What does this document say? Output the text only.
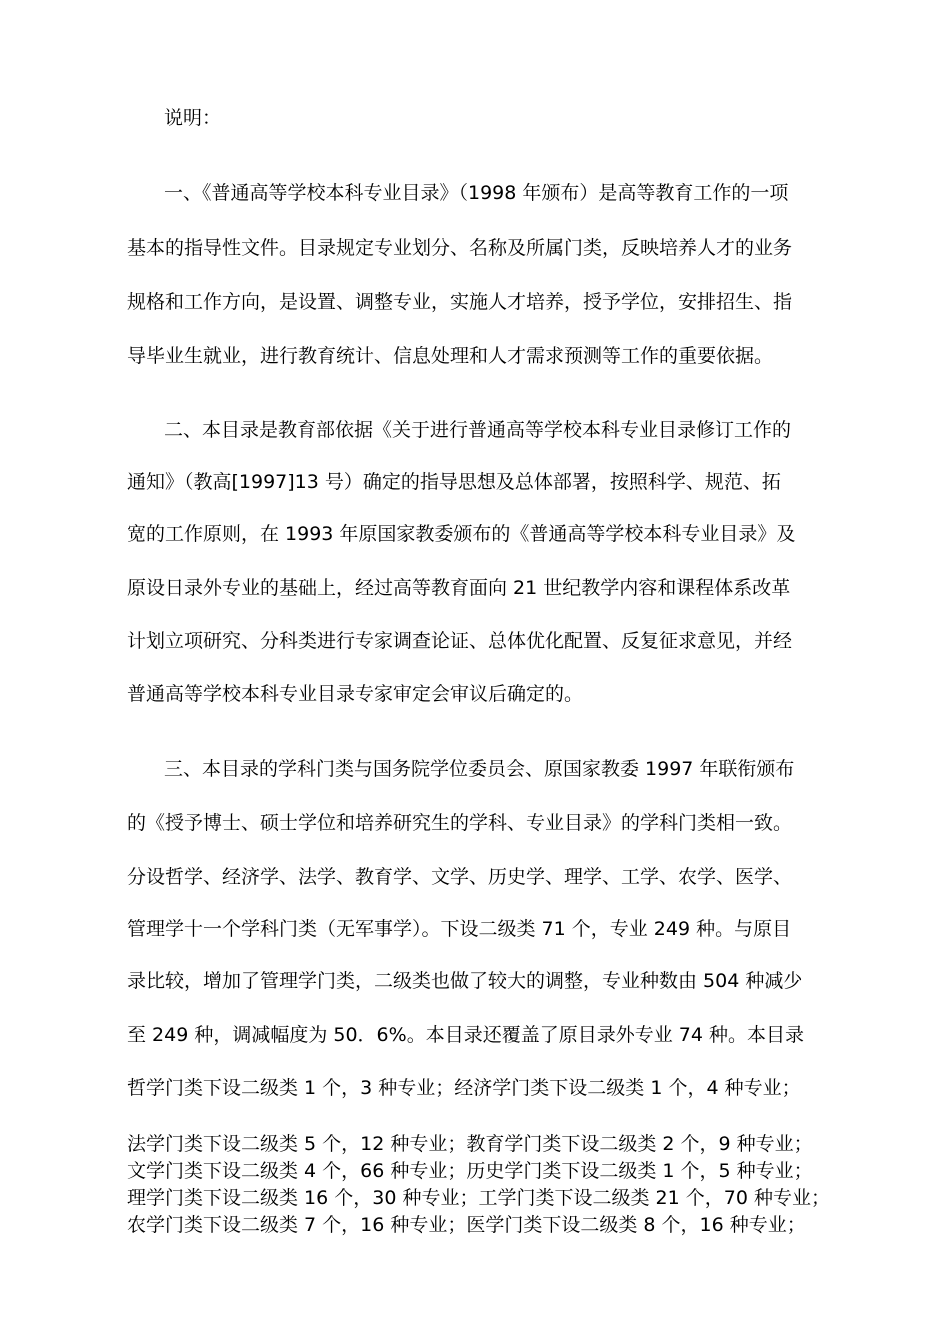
说明：
一、《普通高等学校本科专业目录》（1998 年颁布）是高等教育工作的一项
基本的指导性文件。目录规定专业划分、名称及所属门类，反映培养人才的业务
规格和工作方向，是设置、调整专业，实施人才培养，授予学位，安排招生、指
导毕业生就业，进行教育统计、信息处理和人才需求预测等工作的重要依据。
二、本目录是教育部依据《关于进行普通高等学校本科专业目录修订工作的
通知》（教高[1997]13 号）确定的指导思想及总体部署，按照科学、规范、拓
宽的工作原则，在 1993 年原国家教委颁布的《普通高等学校本科专业目录》及
原设日录外专业的基础上，经过高等教育面向 21 世纪教学内容和课程体系改革
计划立项研究、分科类进行专家调查论证、总体优化配置、反复征求意见，并经
普通高等学校本科专业目录专家审定会审议后确定的。
三、本目录的学科门类与国务院学位委员会、原国家教委 1997 年联衔颁布
的《授予博士、硕士学位和培养研究生的学科、专业目录》的学科门类相一致。
分设哲学、经济学、法学、教育学、文学、历史学、理学、工学、农学、医学、
管理学十一个学科门类（无军事学）。下设二级类 71 个，专业 249 种。与原目
录比较，增加了管理学门类，二级类也做了较大的调整，专业种数由 504 种减少
至 249 种，调减幅度为 50．6%。本目录还覆盖了原目录外专业 74 种。本目录
哲学门类下设二级类 1 个，3 种专业；经济学门类下设二级类 1 个，4 种专业；
法学门类下设二级类 5 个，12 种专业；教育学门类下设二级类 2 个，9 种专业；
文学门类下设二级类 4 个，66 种专业；历史学门类下设二级类 1 个，5 种专业；
理学门类下设二级类 16 个，30 种专业；工学门类下设二级类 21 个，70 种专业；
农学门类下设二级类 7 个，16 种专业；医学门类下设二级类 8 个，16 种专业；
